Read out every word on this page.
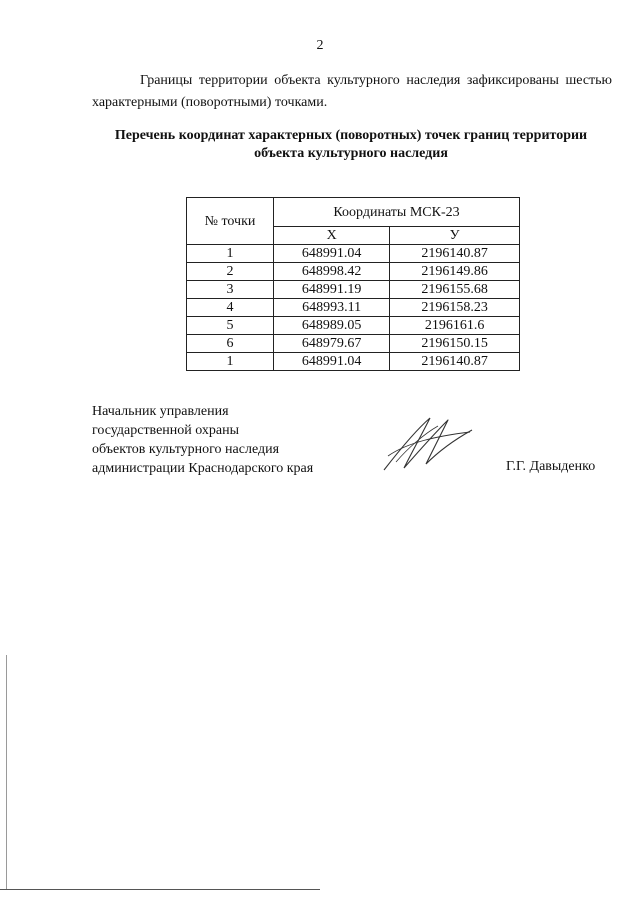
2
Границы территории объекта культурного наследия зафиксированы шестью характерными (поворотными) точками.
Перечень координат характерных (поворотных) точек границ территории
объекта культурного наследия
№ точки	Координаты МСК-23	
	Х	У
1	648991.04	2196140.87
2	648998.42	2196149.86
3	648991.19	2196155.68
4	648993.11	2196158.23
5	648989.05	2196161.6
6	648979.67	2196150.15
1	648991.04	2196140.87
Начальник управления
государственной охраны
объектов культурного наследия
администрации Краснодарского края	Г.Г. Давыденко
